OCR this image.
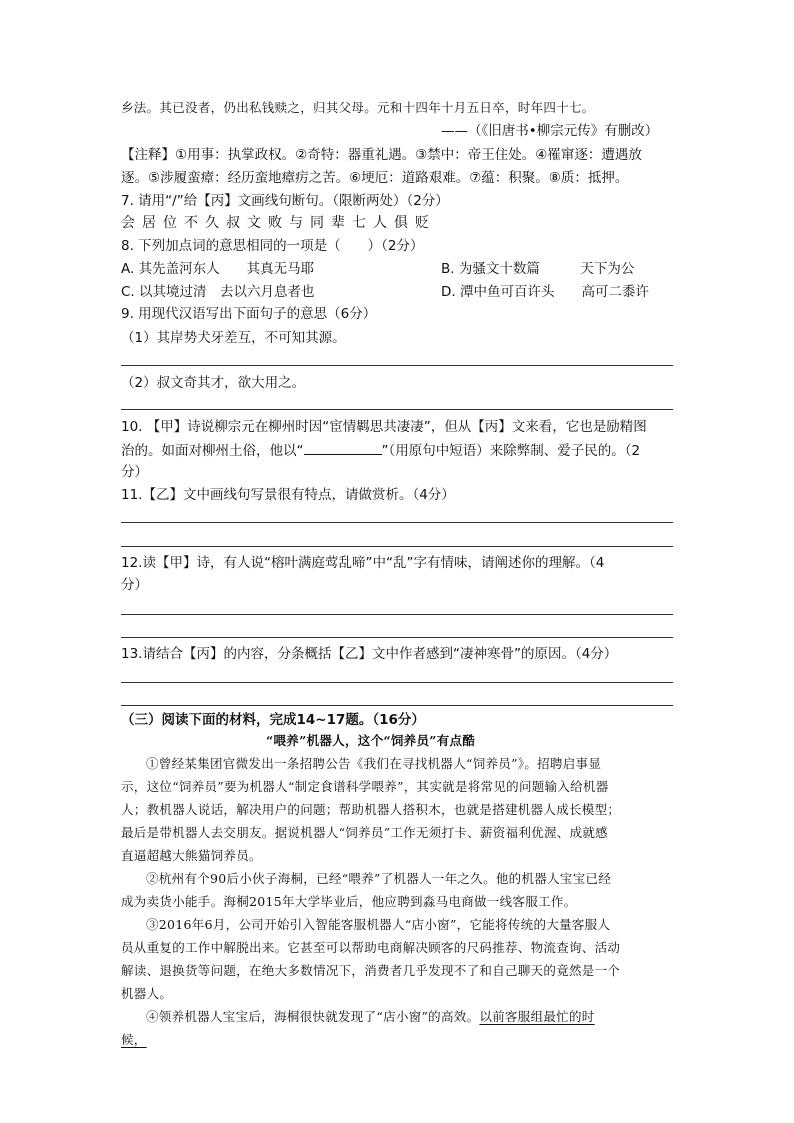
乡法。其已没者，仍出私钱赎之，归其父母。元和十四年十月五日卒，时年四十七。
——（《旧唐书•柳宗元传》有删改）
【注释】①用事：执掌政权。②奇特：器重礼遇。③禁中：帝王住处。④罹窜逐：遭遇放
逐。⑤涉履蛮瘴：经历蛮地瘴疠之苦。⑥埂厄：道路艰难。⑦蕴：积聚。⑧质：抵押。
7. 请用“/”给【丙】文画线句断句。（限断两处）（2分）
会居位不久叔文败与同辈七人俱贬
8. 下列加点词的意思相同的一项是（　　）（2分）
A. 其先盖河东人　　其真无马耶	B. 为骚文十数篇　　　天下为公
C. 以其境过清　去以六月息者也	D. 潭中鱼可百许头　　高可二黍许
9. 用现代汉语写出下面句子的意思（6分）
（1）其岸势犬牙差互，不可知其源。
（2）叔文奇其才，欲大用之。
10. 【甲】诗说柳宗元在柳州时因“宦情羁思共凄凄”，但从【丙】文来看，它也是励精图
治的。如面对柳州土俗，他以“	”（用原句中短语）来除弊制、爱子民的。（2
分）
11.【乙】文中画线句写景很有特点，请做赏析。（4分）
12.读【甲】诗，有人说“榕叶满庭莺乱啼”中“乱”字有情味，请阐述你的理解。（4
分）
13.请结合【丙】的内容，分条概括【乙】文中作者感到“凄神寒骨”的原因。（4分）
（三）阅读下面的材料，完成14~17题。（16分）
“喂养”机器人，这个“饲养员”有点酷
①曾经某集团官微发出一条招聘公告《我们在寻找机器人“饲养员”》。招聘启事显
示，这位“饲养员”要为机器人“制定食谱科学喂养”，其实就是将常见的问题输入给机器
人；教机器人说话，解决用户的问题；帮助机器人搭积木，也就是搭建机器人成长模型；
最后是带机器人去交朋友。据说机器人“饲养员”工作无须打卡、薪资福利优渥、成就感
直逼超越大熊猫饲养员。
②杭州有个90后小伙子海桐，已经“喂养”了机器人一年之久。他的机器人宝宝已经
成为卖货小能手。海桐2015年大学毕业后，他应聘到淼马电商做一线客服工作。
③2016年6月，公司开始引入智能客服机器人“店小窗”，它能将传统的大量客服人
员从重复的工作中解脱出来。它甚至可以帮助电商解决顾客的尺码推荐、物流查询、活动
解读、退换货等问题，在绝大多数情况下，消费者几乎发现不了和自己聊天的竟然是一个
机器人。
④领养机器人宝宝后，海桐很快就发现了“店小窗”的高效。以前客服组最忙的时
候，
